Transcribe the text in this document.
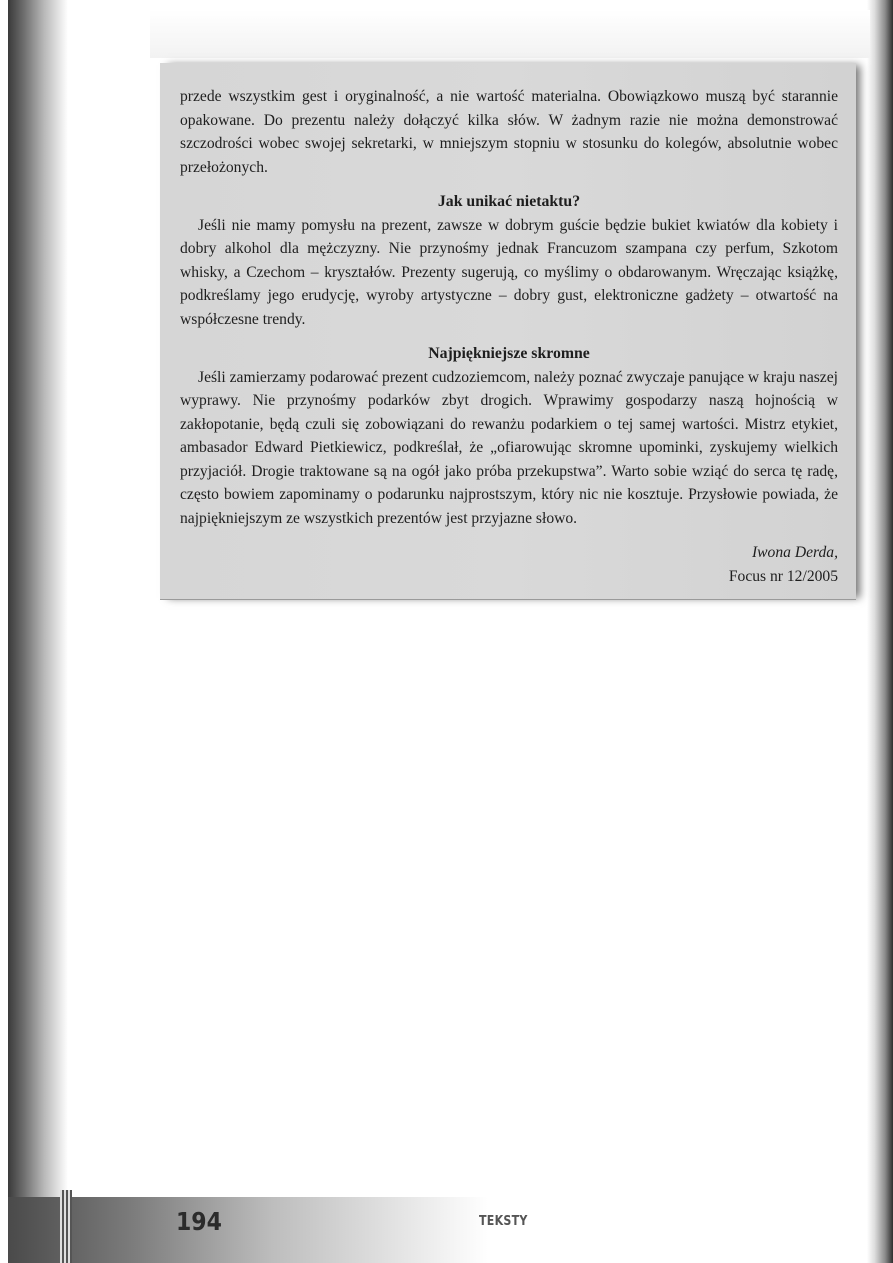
przede wszystkim gest i oryginalność, a nie wartość materialna. Obowiązkowo muszą być starannie opakowane. Do prezentu należy dołączyć kilka słów. W żadnym razie nie można demonstrować szczodrości wobec swojej sekretarki, w mniejszym stopniu w stosunku do kolegów, absolutnie wobec przełożonych.

Jak unikać nietaktu?

Jeśli nie mamy pomysłu na prezent, zawsze w dobrym guście będzie bukiet kwiatów dla kobiety i dobry alkohol dla mężczyzny. Nie przynośmy jednak Francuzom szampana czy perfum, Szkotom whisky, a Czechom – kryształów. Prezenty sugerują, co myślimy o obdarowanym. Wręczając książkę, podkreślamy jego erudycję, wyroby artystyczne – dobry gust, elektroniczne gadżety – otwartość na współczesne trendy.

Najpiękniejsze skromne

Jeśli zamierzamy podarować prezent cudzoziemcom, należy poznać zwyczaje panujące w kraju naszej wyprawy. Nie przynośmy podarków zbyt drogich. Wprawimy gospodarzy naszą hojnością w zakłopotanie, będą czuli się zobowiązani do rewanżu podarkiem o tej samej wartości. Mistrz etykiet, ambasador Edward Pietkiewicz, podkreślał, że „ofiarowując skromne upominki, zyskujemy wielkich przyjaciół. Drogie traktowane są na ogół jako próba przekupstwa”. Warto sobie wziąć do serca tę radę, często bowiem zapominamy o podarunku najprostszym, który nic nie kosztuje. Przysłowie powiada, że najpiękniejszym ze wszystkich prezentów jest przyjazne słowo.

Iwona Derda,
Focus nr 12/2005
194	TEKSTY
